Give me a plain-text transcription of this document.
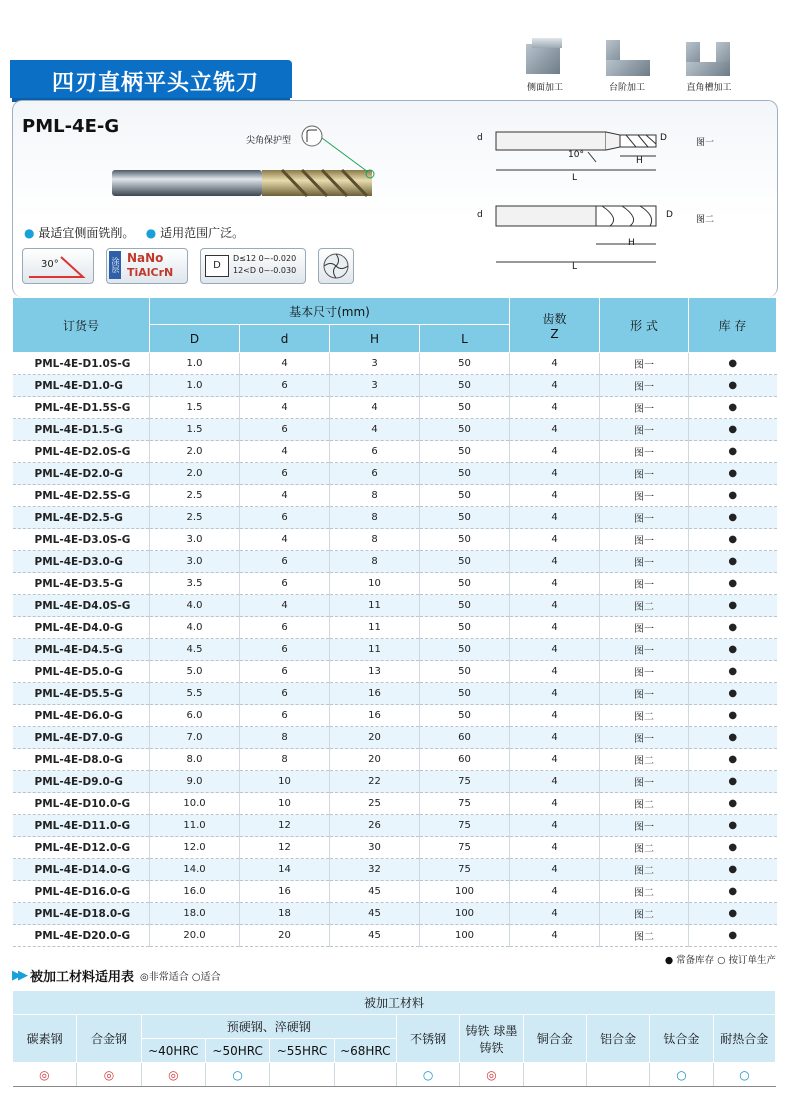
四刃直柄平头立铣刀	侧面加工	台阶加工	直角槽加工
PML-4E-G
尖角保护型
● 最适宜侧面铣削。 ● 适用范围广泛。
30°	涂层 NaNo
TiAlCrN
D
D≤12 0~-0.020
12<D 0~-0.030
d	D
10°
H
L
图一
d	D
H
L
图二
订货号	基本尺寸(mm)				齿数
Z	形 式	库 存
	D	d	H	L			
PML-4E-D1.0S-G	1.0	4	3	50	4	图一	●
PML-4E-D1.0-G	1.0	6	3	50	4	图一	●
PML-4E-D1.5S-G	1.5	4	4	50	4	图一	●
PML-4E-D1.5-G	1.5	6	4	50	4	图一	●
PML-4E-D2.0S-G	2.0	4	6	50	4	图一	●
PML-4E-D2.0-G	2.0	6	6	50	4	图一	●
PML-4E-D2.5S-G	2.5	4	8	50	4	图一	●
PML-4E-D2.5-G	2.5	6	8	50	4	图一	●
PML-4E-D3.0S-G	3.0	4	8	50	4	图一	●
PML-4E-D3.0-G	3.0	6	8	50	4	图一	●
PML-4E-D3.5-G	3.5	6	10	50	4	图一	●
PML-4E-D4.0S-G	4.0	4	11	50	4	图二	●
PML-4E-D4.0-G	4.0	6	11	50	4	图一	●
PML-4E-D4.5-G	4.5	6	11	50	4	图一	●
PML-4E-D5.0-G	5.0	6	13	50	4	图一	●
PML-4E-D5.5-G	5.5	6	16	50	4	图一	●
PML-4E-D6.0-G	6.0	6	16	50	4	图二	●
PML-4E-D7.0-G	7.0	8	20	60	4	图一	●
PML-4E-D8.0-G	8.0	8	20	60	4	图二	●
PML-4E-D9.0-G	9.0	10	22	75	4	图一	●
PML-4E-D10.0-G	10.0	10	25	75	4	图二	●
PML-4E-D11.0-G	11.0	12	26	75	4	图一	●
PML-4E-D12.0-G	12.0	12	30	75	4	图二	●
PML-4E-D14.0-G	14.0	14	32	75	4	图二	●
PML-4E-D16.0-G	16.0	16	45	100	4	图二	●
PML-4E-D18.0-G	18.0	18	45	100	4	图二	●
PML-4E-D20.0-G	20.0	20	45	100	4	图二	●
● 常备库存 ○ 按订单生产
▶▶ 被加工材料适用表 ◎非常适合 ○适合
被加工材料											
碳素钢	合金钢	预硬钢、淬硬钢				不锈钢	铸铁 球墨铸铁	铜合金	铝合金	钛合金	耐热合金
		~40HRC	~50HRC	~55HRC	~68HRC						
◎	◎	◎	○			○	◎			○	○
